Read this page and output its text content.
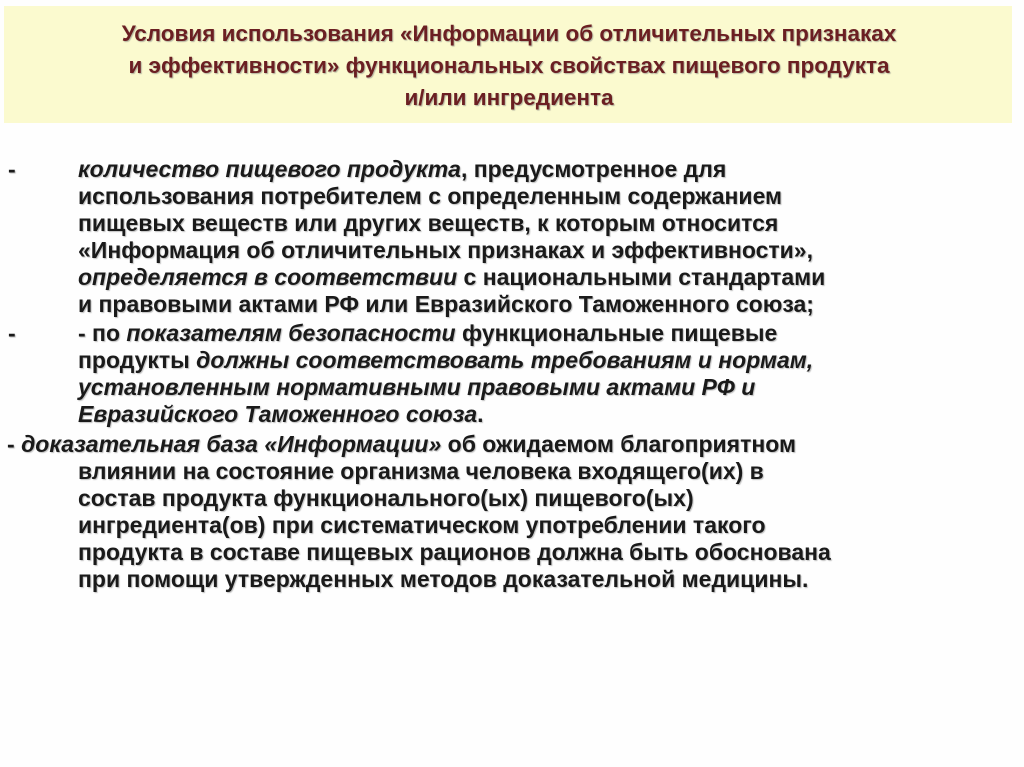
Условия использования «Информации об отличительных признаках
и эффективности» функциональных свойствах пищевого продукта
и/или ингредиента
-	количество пищевого продукта, предусмотренное для
использования потребителем с определенным содержанием
пищевых веществ или других веществ, к которым относится
«Информация об отличительных признаках и эффективности»,
определяется в соответствии с национальными стандартами
и правовыми актами РФ или Евразийского Таможенного союза;
-	- по показателям безопасности функциональные пищевые
продукты должны соответствовать требованиям и нормам,
установленным нормативными правовыми актами РФ и
Евразийского Таможенного союза.
- доказательная база «Информации» об ожидаемом благоприятном
влиянии на состояние организма человека входящего(их) в
состав продукта функционального(ых) пищевого(ых)
ингредиента(ов) при систематическом употреблении такого
продукта в составе пищевых рационов должна быть обоснована
при помощи утвержденных методов доказательной медицины.
